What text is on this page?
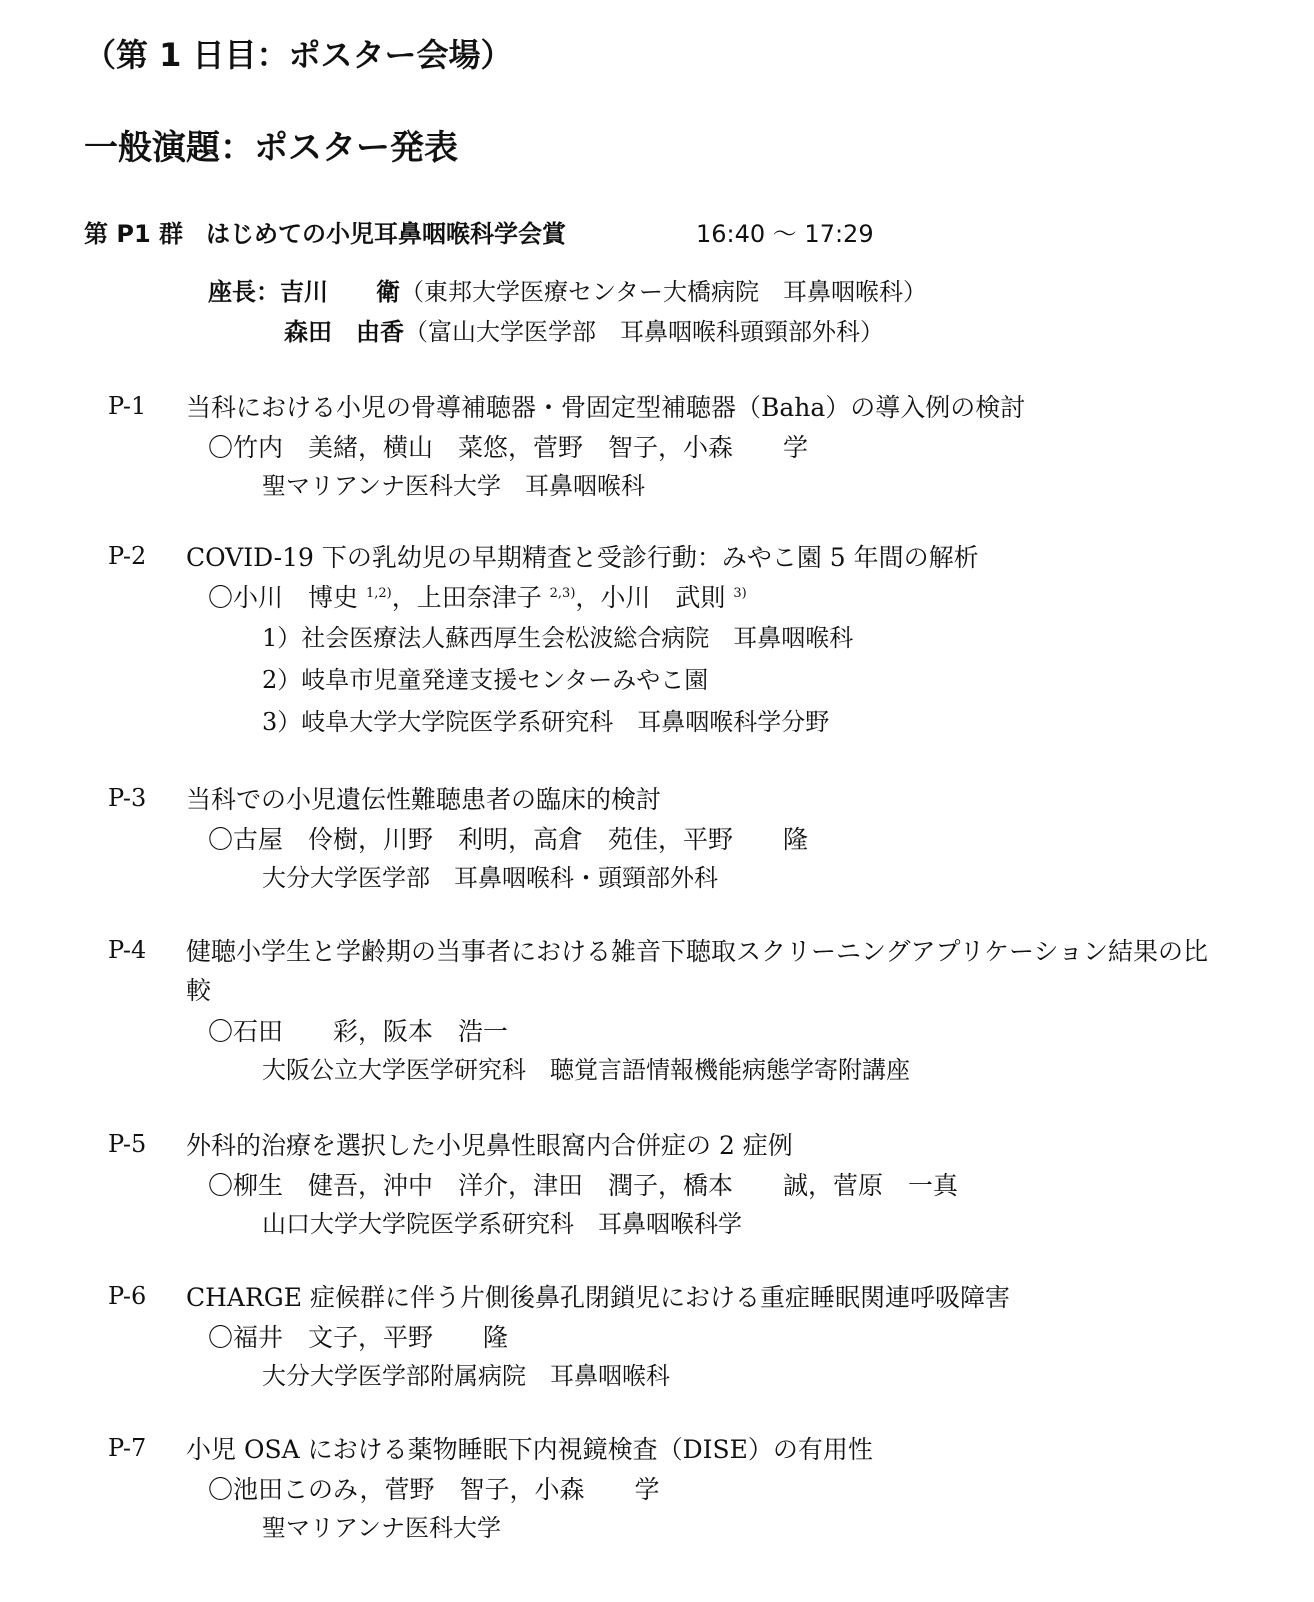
（第 1 日目：ポスター会場）
一般演題：ポスター発表
第 P1 群 はじめての小児耳鼻咽喉科学会賞	16:40 〜 17:29
座長：吉川　　衛（東邦大学医療センター大橋病院　耳鼻咽喉科）
森田　由香（富山大学医学部　耳鼻咽喉科頭頸部外科）
P-1 当科における小児の骨導補聴器・骨固定型補聴器（Baha）の導入例の検討
〇竹内　美緒，横山　菜悠，菅野　智子，小森　　学
聖マリアンナ医科大学　耳鼻咽喉科
P-2 COVID-19 下の乳幼児の早期精査と受診行動：みやこ園 5 年間の解析
〇小川　博史 $^{1,2)}$，上田奈津子 $^{2,3)}$，小川　武則 $^{3)}$
1）社会医療法人蘇西厚生会松波総合病院　耳鼻咽喉科
2）岐阜市児童発達支援センターみやこ園
3）岐阜大学大学院医学系研究科　耳鼻咽喉科学分野
P-3 当科での小児遺伝性難聴患者の臨床的検討
〇古屋　伶樹，川野　利明，高倉　苑佳，平野　　隆
大分大学医学部　耳鼻咽喉科・頭頸部外科
P-4 健聴小学生と学齢期の当事者における雑音下聴取スクリーニングアプリケーション結果の比較
〇石田　　彩，阪本　浩一
大阪公立大学医学研究科　聴覚言語情報機能病態学寄附講座
P-5 外科的治療を選択した小児鼻性眼窩内合併症の 2 症例
〇柳生　健吾，沖中　洋介，津田　潤子，橋本　　誠，菅原　一真
山口大学大学院医学系研究科　耳鼻咽喉科学
P-6 CHARGE 症候群に伴う片側後鼻孔閉鎖児における重症睡眠関連呼吸障害
〇福井　文子，平野　　隆
大分大学医学部附属病院　耳鼻咽喉科
P-7 小児 OSA における薬物睡眠下内視鏡検査（DISE）の有用性
〇池田このみ，菅野　智子，小森　　学
聖マリアンナ医科大学
